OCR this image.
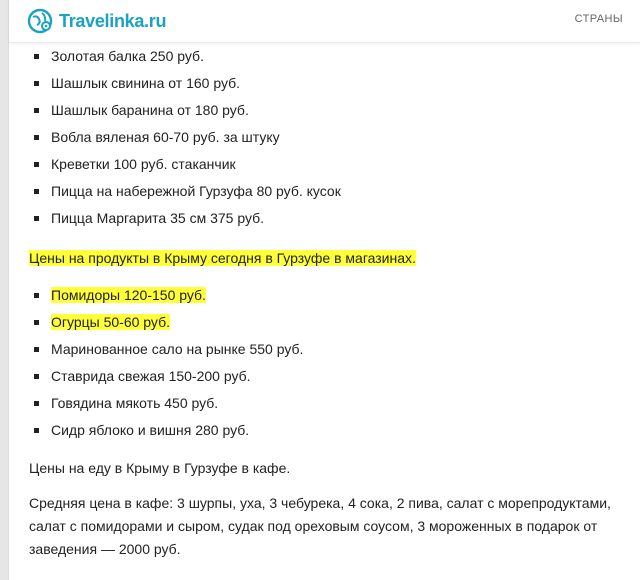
Travelinka.ru	СТРАНЫ
Золотая балка 250 руб.
Шашлык свинина от 160 руб.
Шашлык баранина от 180 руб.
Вобла вяленая 60-70 руб. за штуку
Креветки 100 руб. стаканчик
Пицца на набережной Гурзуфа 80 руб. кусок
Пицца Маргарита 35 см 375 руб.

Цены на продукты в Крыму сегодня в Гурзуфе в магазинах.

Помидоры 120-150 руб.
Огурцы 50-60 руб.
Маринованное сало на рынке 550 руб.
Ставрида свежая 150-200 руб.
Говядина мякоть 450 руб.
Сидр яблоко и вишня 280 руб.

Цены на еду в Крыму в Гурзуфе в кафе.

Средняя цена в кафе: 3 шурпы, уха, 3 чебурека, 4 сока, 2 пива, салат с морепродуктами, салат с помидорами и сыром, судак под ореховым соусом, 3 мороженных в подарок от заведения — 2000 руб.
